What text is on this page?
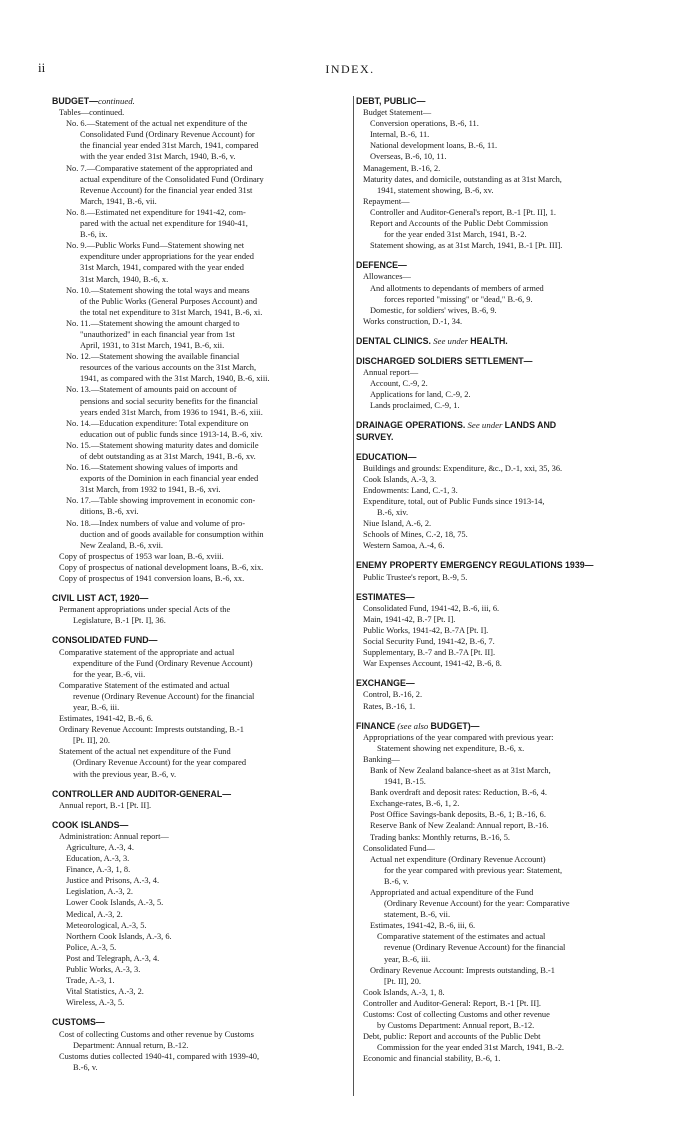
ii	INDEX.
BUDGET—continued.
Tables—continued.
No. 6.—Statement of the actual net expenditure of the
Consolidated Fund (Ordinary Revenue Account) for
the financial year ended 31st March, 1941, compared
with the year ended 31st March, 1940, B.-6, v.
No. 7.—Comparative statement of the appropriated and
actual expenditure of the Consolidated Fund (Ordinary
Revenue Account) for the financial year ended 31st
March, 1941, B.-6, vii.
No. 8.—Estimated net expenditure for 1941-42, com-
pared with the actual net expenditure for 1940-41,
B.-6, ix.
No. 9.—Public Works Fund—Statement showing net
expenditure under appropriations for the year ended
31st March, 1941, compared with the year ended
31st March, 1940, B.-6, x.
No. 10.—Statement showing the total ways and means
of the Public Works (General Purposes Account) and
the total net expenditure to 31st March, 1941, B.-6, xi.
No. 11.—Statement showing the amount charged to
"unauthorized" in each financial year from 1st
April, 1931, to 31st March, 1941, B.-6, xii.
No. 12.—Statement showing the available financial
resources of the various accounts on the 31st March,
1941, as compared with the 31st March, 1940, B.-6, xiii.
No. 13.—Statement of amounts paid on account of
pensions and social security benefits for the financial
years ended 31st March, from 1936 to 1941, B.-6, xiii.
No. 14.—Education expenditure: Total expenditure on
education out of public funds since 1913-14, B.-6, xiv.
No. 15.—Statement showing maturity dates and domicile
of debt outstanding as at 31st March, 1941, B.-6, xv.
No. 16.—Statement showing values of imports and
exports of the Dominion in each financial year ended
31st March, from 1932 to 1941, B.-6, xvi.
No. 17.—Table showing improvement in economic con-
ditions, B.-6, xvi.
No. 18.—Index numbers of value and volume of pro-
duction and of goods available for consumption within
New Zealand, B.-6, xvii.
Copy of prospectus of 1953 war loan, B.-6, xviii.
Copy of prospectus of national development loans, B.-6, xix.
Copy of prospectus of 1941 conversion loans, B.-6, xx.
CIVIL LIST ACT, 1920—
Permanent appropriations under special Acts of the
Legislature, B.-1 [Pt. I], 36.
CONSOLIDATED FUND—
Comparative statement of the appropriate and actual
expenditure of the Fund (Ordinary Revenue Account)
for the year, B.-6, vii.
Comparative Statement of the estimated and actual
revenue (Ordinary Revenue Account) for the financial
year, B.-6, iii.
Estimates, 1941-42, B.-6, 6.
Ordinary Revenue Account: Imprests outstanding, B.-1
[Pt. II], 20.
Statement of the actual net expenditure of the Fund
(Ordinary Revenue Account) for the year compared
with the previous year, B.-6, v.
CONTROLLER AND AUDITOR-GENERAL—
Annual report, B.-1 [Pt. II].
COOK ISLANDS—
Administration: Annual report—
Agriculture, A.-3, 4.
Education, A.-3, 3.
Finance, A.-3, 1, 8.
Justice and Prisons, A.-3, 4.
Legislation, A.-3, 2.
Lower Cook Islands, A.-3, 5.
Medical, A.-3, 2.
Meteorological, A.-3, 5.
Northern Cook Islands, A.-3, 6.
Police, A.-3, 5.
Post and Telegraph, A.-3, 4.
Public Works, A.-3, 3.
Trade, A.-3, 1.
Vital Statistics, A.-3, 2.
Wireless, A.-3, 5.
CUSTOMS—
Cost of collecting Customs and other revenue by Customs
Department: Annual return, B.-12.
Customs duties collected 1940-41, compared with 1939-40,
B.-6, v.
DEBT, PUBLIC—
Budget Statement—
Conversion operations, B.-6, 11.
Internal, B.-6, 11.
National development loans, B.-6, 11.
Overseas, B.-6, 10, 11.
Management, B.-16, 2.
Maturity dates, and domicile, outstanding as at 31st March,
1941, statement showing, B.-6, xv.
Repayment—
Controller and Auditor-General's report, B.-1 [Pt. II], 1.
Report and Accounts of the Public Debt Commission
for the year ended 31st March, 1941, B.-2.
Statement showing, as at 31st March, 1941, B.-1 [Pt. III].
DEFENCE—
Allowances—
And allotments to dependants of members of armed
forces reported "missing" or "dead," B.-6, 9.
Domestic, for soldiers' wives, B.-6, 9.
Works construction, D.-1, 34.
DENTAL CLINICS. See under HEALTH.
DISCHARGED SOLDIERS SETTLEMENT—
Annual report—
Account, C.-9, 2.
Applications for land, C.-9, 2.
Lands proclaimed, C.-9, 1.
DRAINAGE OPERATIONS. See under LANDS AND
SURVEY.
EDUCATION—
Buildings and grounds: Expenditure, &c., D.-1, xxi, 35, 36.
Cook Islands, A.-3, 3.
Endowments: Land, C.-1, 3.
Expenditure, total, out of Public Funds since 1913-14,
B.-6, xiv.
Niue Island, A.-6, 2.
Schools of Mines, C.-2, 18, 75.
Western Samoa, A.-4, 6.
ENEMY PROPERTY EMERGENCY REGULATIONS 1939—
Public Trustee's report, B.-9, 5.
ESTIMATES—
Consolidated Fund, 1941-42, B.-6, iii, 6.
Main, 1941-42, B.-7 [Pt. I].
Public Works, 1941-42, B.-7A [Pt. I].
Social Security Fund, 1941-42, B.-6, 7.
Supplementary, B.-7 and B.-7A [Pt. II].
War Expenses Account, 1941-42, B.-6, 8.
EXCHANGE—
Control, B.-16, 2.
Rates, B.-16, 1.
FINANCE (see also BUDGET)—
Appropriations of the year compared with previous year:
Statement showing net expenditure, B.-6, x.
Banking—
Bank of New Zealand balance-sheet as at 31st March,
1941, B.-15.
Bank overdraft and deposit rates: Reduction, B.-6, 4.
Exchange-rates, B.-6, 1, 2.
Post Office Savings-bank deposits, B.-6, 1; B.-16, 6.
Reserve Bank of New Zealand: Annual report, B.-16.
Trading banks: Monthly returns, B.-16, 5.
Consolidated Fund—
Actual net expenditure (Ordinary Revenue Account)
for the year compared with previous year: Statement,
B.-6, v.
Appropriated and actual expenditure of the Fund
(Ordinary Revenue Account) for the year: Comparative
statement, B.-6, vii.
Estimates, 1941-42, B.-6, iii, 6.
Comparative statement of the estimates and actual
revenue (Ordinary Revenue Account) for the financial
year, B.-6, iii.
Ordinary Revenue Account: Imprests outstanding, B.-1
[Pt. II], 20.
Cook Islands, A.-3, 1, 8.
Controller and Auditor-General: Report, B.-1 [Pt. II].
Customs: Cost of collecting Customs and other revenue
by Customs Department: Annual report, B.-12.
Debt, public: Report and accounts of the Public Debt
Commission for the year ended 31st March, 1941, B.-2.
Economic and financial stability, B.-6, 1.
